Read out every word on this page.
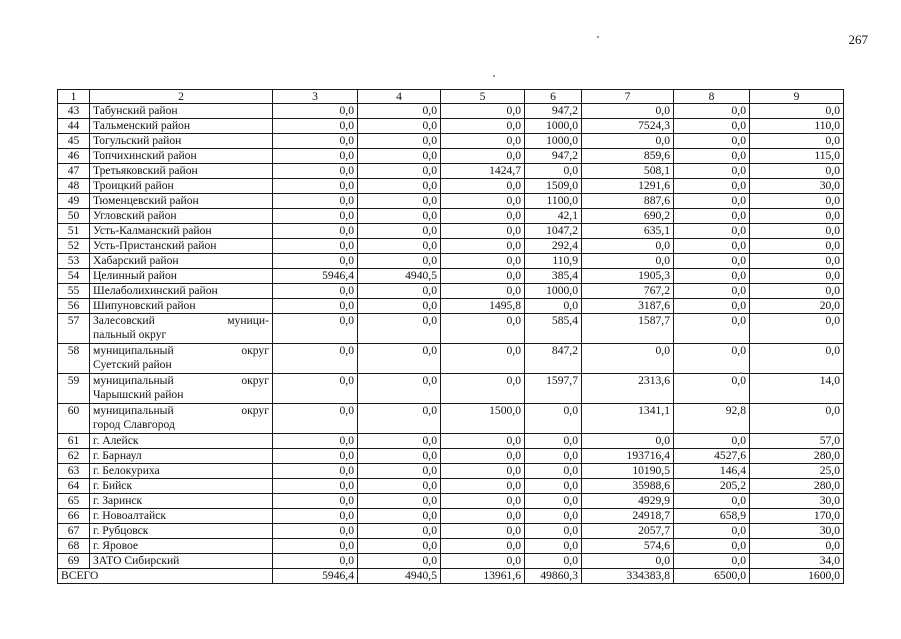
267
1	2	3	4	5	6	7	8	9
43	Табунский район	0,0	0,0	0,0	947,2	0,0	0,0	0,0
44	Тальменский район	0,0	0,0	0,0	1000,0	7524,3	0,0	110,0
45	Тогульский район	0,0	0,0	0,0	1000,0	0,0	0,0	0,0
46	Топчихинский район	0,0	0,0	0,0	947,2	859,6	0,0	115,0
47	Третьяковский район	0,0	0,0	1424,7	0,0	508,1	0,0	0,0
48	Троицкий район	0,0	0,0	0,0	1509,0	1291,6	0,0	30,0
49	Тюменцевский район	0,0	0,0	0,0	1100,0	887,6	0,0	0,0
50	Угловский район	0,0	0,0	0,0	42,1	690,2	0,0	0,0
51	Усть-Калманский район	0,0	0,0	0,0	1047,2	635,1	0,0	0,0
52	Усть-Пристанский район	0,0	0,0	0,0	292,4	0,0	0,0	0,0
53	Хабарский район	0,0	0,0	0,0	110,9	0,0	0,0	0,0
54	Целинный район	5946,4	4940,5	0,0	385,4	1905,3	0,0	0,0
55	Шелаболихинский район	0,0	0,0	0,0	1000,0	767,2	0,0	0,0
56	Шипуновский район	0,0	0,0	1495,8	0,0	3187,6	0,0	20,0
57	Залесовский муници-
пальный округ	0,0	0,0	0,0	585,4	1587,7	0,0	0,0
58	муниципальный округ
Суетский район	0,0	0,0	0,0	847,2	0,0	0,0	0,0
59	муниципальный округ
Чарышский район	0,0	0,0	0,0	1597,7	2313,6	0,0	14,0
60	муниципальный округ
город Славгород	0,0	0,0	1500,0	0,0	1341,1	92,8	0,0
61	г. Алейск	0,0	0,0	0,0	0,0	0,0	0,0	57,0
62	г. Барнаул	0,0	0,0	0,0	0,0	193716,4	4527,6	280,0
63	г. Белокуриха	0,0	0,0	0,0	0,0	10190,5	146,4	25,0
64	г. Бийск	0,0	0,0	0,0	0,0	35988,6	205,2	280,0
65	г. Заринск	0,0	0,0	0,0	0,0	4929,9	0,0	30,0
66	г. Новоалтайск	0,0	0,0	0,0	0,0	24918,7	658,9	170,0
67	г. Рубцовск	0,0	0,0	0,0	0,0	2057,7	0,0	30,0
68	г. Яровое	0,0	0,0	0,0	0,0	574,6	0,0	0,0
69	ЗАТО Сибирский	0,0	0,0	0,0	0,0	0,0	0,0	34,0
ВСЕГО		5946,4	4940,5	13961,6	49860,3	334383,8	6500,0	1600,0
